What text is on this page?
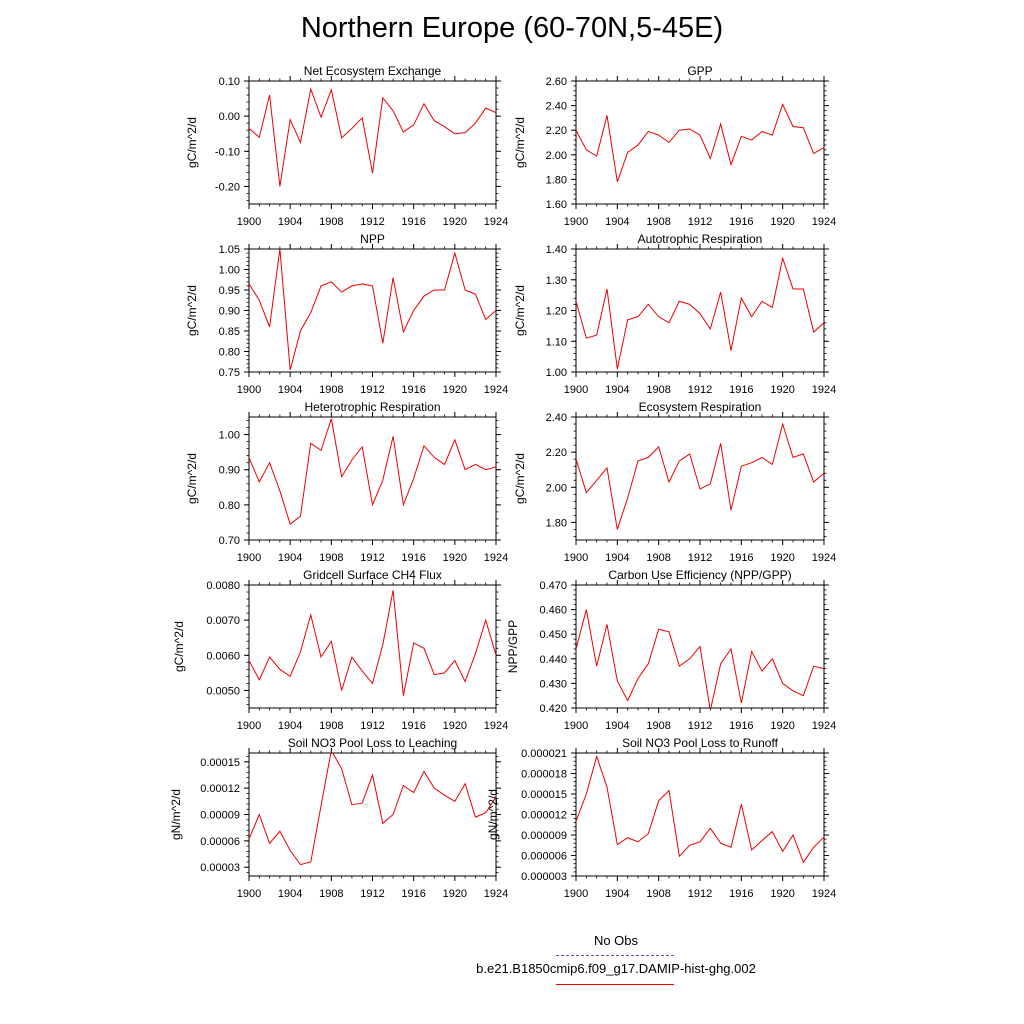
Northern Europe (60-70N,5-45E)
Net Ecosystem Exchange
gC/m^2/d
0.10
0.00
-0.10
-0.20
1900 1904 1908 1912 1916 1920 1924
GPP
gC/m^2/d
1.60
1.80
2.00
2.20
2.40
2.60
1900 1904 1908 1912 1916 1920 1924
NPP
gC/m^2/d
0.75
0.80
0.85
0.90
0.95
1.00
1.05
1900 1904 1908 1912 1916 1920 1924
Autotrophic Respiration
gC/m^2/d
1.00
1.10
1.20
1.30
1.40
1900 1904 1908 1912 1916 1920 1924
Heterotrophic Respiration
gC/m^2/d
0.70
0.80
0.90
1.00
1900 1904 1908 1912 1916 1920 1924
Ecosystem Respiration
gC/m^2/d
1.80
2.00
2.20
2.40
1900 1904 1908 1912 1916 1920 1924
Gridcell Surface CH4 Flux
gC/m^2/d
0.0050
0.0060
0.0070
0.0080
1900 1904 1908 1912 1916 1920 1924
Carbon Use Efficiency (NPP/GPP)
NPP/GPP
0.420
0.430
0.440
0.450
0.460
0.470
1900 1904 1908 1912 1916 1920 1924
Soil NO3 Pool Loss to Leaching
gN/m^2/d
0.00003
0.00006
0.00009
0.00012
0.00015
1900 1904 1908 1912 1916 1920 1924
Soil NO3 Pool Loss to Runoff
gN/m^2/d
0.000003
0.000006
0.000009
0.000012
0.000015
0.000018
0.000021
1900 1904 1908 1912 1916 1920 1924
No Obs
b.e21.B1850cmip6.f09_g17.DAMIP-hist-ghg.002
